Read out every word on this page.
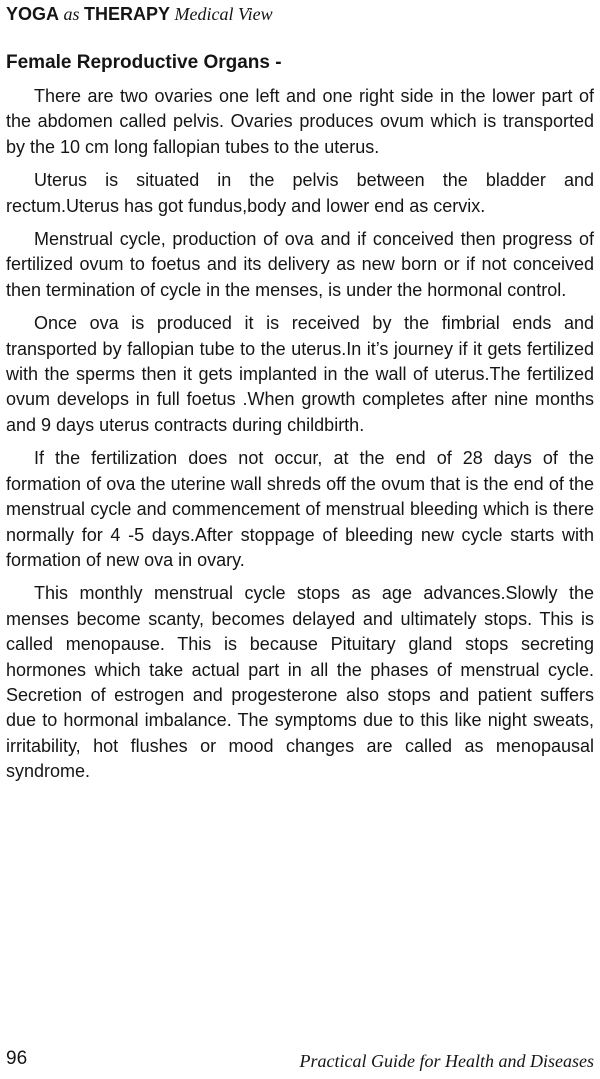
YOGA as THERAPY Medical View
Female Reproductive Organs -

There are two ovaries one left and one right side in the lower part of the abdomen called pelvis. Ovaries produces ovum which is transported by the 10 cm long fallopian tubes to the uterus.

Uterus is situated in the pelvis between the bladder and rectum.Uterus has got fundus,body and lower end as cervix.

Menstrual cycle, production of ova and if conceived then progress of fertilized ovum to foetus and its delivery as new born or if not conceived then termination of cycle in the menses, is under the hormonal control.

Once ova is produced it is received by the fimbrial ends and transported by fallopian tube to the uterus.In it’s journey if it gets fertilized with the sperms then it gets implanted in the wall of uterus.The fertilized ovum develops in full foetus .When growth completes after nine months and 9 days uterus contracts during childbirth.

If the fertilization does not occur, at the end of 28 days of the formation of ova the uterine wall shreds off the ovum that is the end of the menstrual cycle and commencement of menstrual bleeding which is there normally for 4 -5 days.After stoppage of bleeding new cycle starts with formation of new ova in ovary.

This monthly menstrual cycle stops as age advances.Slowly the menses become scanty, becomes delayed and ultimately stops. This is called menopause. This is because Pituitary gland stops secreting hormones which take actual part in all the phases of menstrual cycle. Secretion of estrogen and progesterone also stops and patient suffers due to hormonal imbalance. The symptoms due to this like night sweats, irritability, hot flushes or mood changes are called as menopausal syndrome.

96	Practical Guide for Health and Diseases
